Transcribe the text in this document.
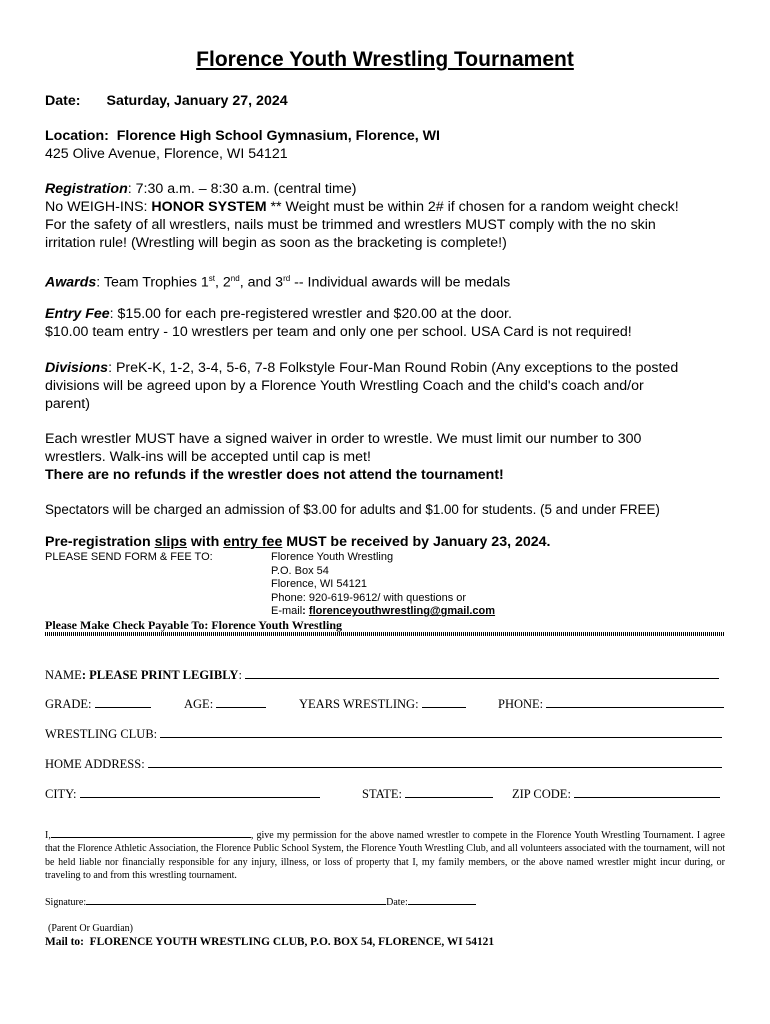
Florence Youth Wrestling Tournament
Date: Saturday, January 27, 2024
Location: Florence High School Gymnasium, Florence, WI
425 Olive Avenue, Florence, WI 54121
Registration: 7:30 a.m. – 8:30 a.m. (central time)
No WEIGH-INS: HONOR SYSTEM ** Weight must be within 2# if chosen for a random weight check!
For the safety of all wrestlers, nails must be trimmed and wrestlers MUST comply with the no skin
irritation rule! (Wrestling will begin as soon as the bracketing is complete!)
Awards: Team Trophies 1st, 2nd, and 3rd -- Individual awards will be medals
Entry Fee: $15.00 for each pre-registered wrestler and $20.00 at the door.
$10.00 team entry - 10 wrestlers per team and only one per school. USA Card is not required!
Divisions: PreK-K, 1-2, 3-4, 5-6, 7-8 Folkstyle Four-Man Round Robin (Any exceptions to the posted
divisions will be agreed upon by a Florence Youth Wrestling Coach and the child's coach and/or
parent)
Each wrestler MUST have a signed waiver in order to wrestle. We must limit our number to 300
wrestlers. Walk-ins will be accepted until cap is met!
There are no refunds if the wrestler does not attend the tournament!
Spectators will be charged an admission of $3.00 for adults and $1.00 for students. (5 and under FREE)
Pre-registration slips with entry fee MUST be received by January 23, 2024.
PLEASE SEND FORM & FEE TO:	Florence Youth Wrestling
P.O. Box 54
Florence, WI 54121
Phone: 920-619-9612/ with questions or
E-mail: florenceyouthwrestling@gmail.com
Please Make Check Payable To: Florence Youth Wrestling
NAME: PLEASE PRINT LEGIBLY:
GRADE:	AGE:	YEARS WRESTLING:	PHONE:
WRESTLING CLUB:
HOME ADDRESS:
CITY:	STATE:	ZIP CODE:
I,	, give my permission for the above named wrestler to compete in the Florence Youth Wrestling Tournament. I agree that the Florence Athletic Association, the Florence Public School System, the Florence Youth Wrestling Club, and all volunteers associated with the tournament, will not be held liable nor financially responsible for any injury, illness, or loss of property that I, my family members, or the above named wrestler might incur during, or traveling to and from this wrestling tournament.
Signature:	Date:
(Parent Or Guardian)
Mail to: FLORENCE YOUTH WRESTLING CLUB, P.O. BOX 54, FLORENCE, WI 54121
